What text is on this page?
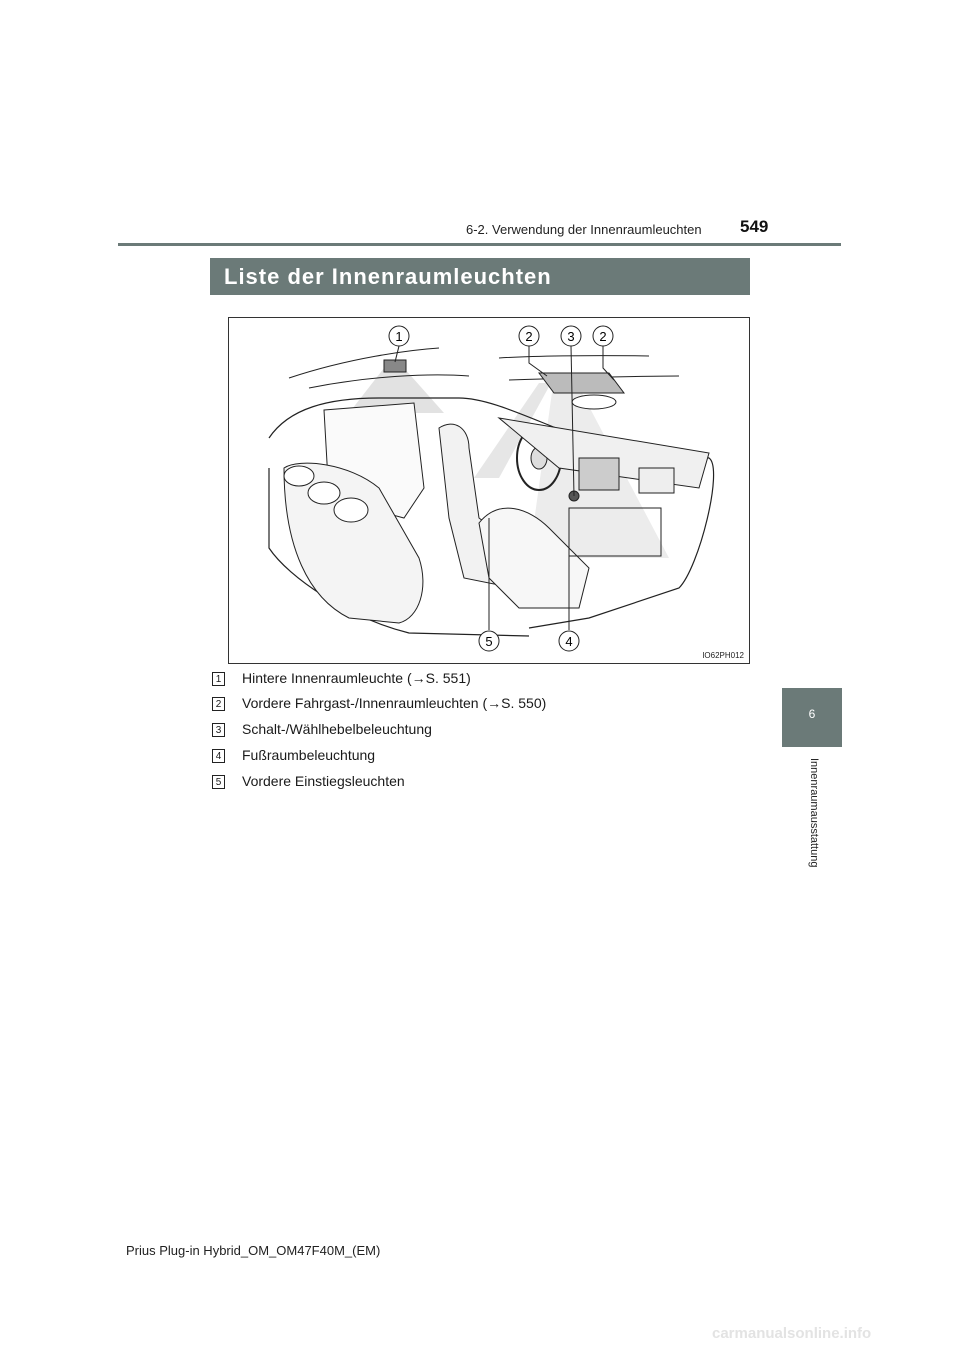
6-2. Verwendung der Innenraumleuchten 549
Liste der Innenraumleuchten
1	2	3 2
5	4
IO62PH012
1 Hintere Innenraumleuchte (→S. 551)
2 Vordere Fahrgast-/Innenraumleuchten (→S. 550)
3 Schalt-/Wählhebelbeleuchtung
4 Fußraumbeleuchtung
5 Vordere Einstiegsleuchten
6
Innenraumausstattung
Prius Plug-in Hybrid_OM_OM47F40M_(EM)
carmanualsonline.info
